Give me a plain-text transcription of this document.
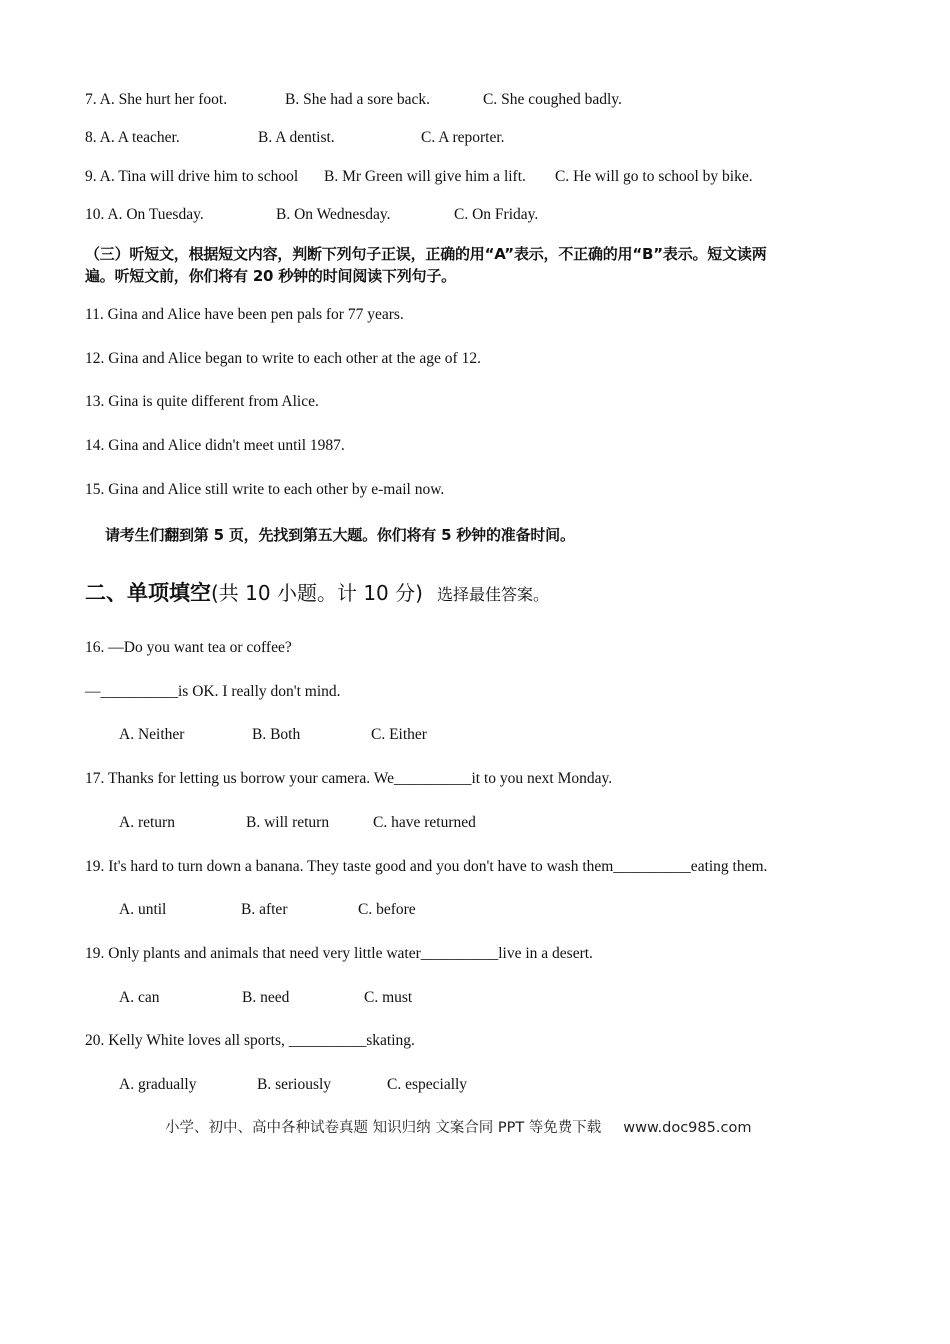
7. A. She hurt her foot.	B. She had a sore back.	C. She coughed badly.
8. A. A teacher.	B. A dentist.	C. A reporter.
9. A. Tina will drive him to school B. Mr Green will give him a lift. C. He will go to school by bike.
10. A. On Tuesday.	B. On Wednesday.	C. On Friday.
（三）听短文，根据短文内容，判断下列句子正误，正确的用“A”表示，不正确的用“B”表示。短文读两
遍。听短文前，你们将有 20 秒钟的时间阅读下列句子。
11. Gina and Alice have been pen pals for 77 years.
12. Gina and Alice began to write to each other at the age of 12.
13. Gina is quite different from Alice.
14. Gina and Alice didn't meet until 1987.
15. Gina and Alice still write to each other by e-mail now.
请考生们翻到第 5 页，先找到第五大题。你们将有 5 秒钟的准备时间。
二、单项填空(共 10 小题。计 10 分) 选择最佳答案。
16. —Do you want tea or coffee?
—__________is OK. I really don't mind.
A. Neither	B. Both	C. Either
17. Thanks for letting us borrow your camera. We__________it to you next Monday.
A. return	B. will return	C. have returned
19. It's hard to turn down a banana. They taste good and you don't have to wash them__________eating them.
A. until	B. after	C. before
19. Only plants and animals that need very little water__________live in a desert.
A. can	B. need	C. must
20. Kelly White loves all sports, __________skating.
A. gradually	B. seriously	C. especially
小学、初中、高中各种试卷真题 知识归纳 文案合同 PPT 等免费下载 www.doc985.com
